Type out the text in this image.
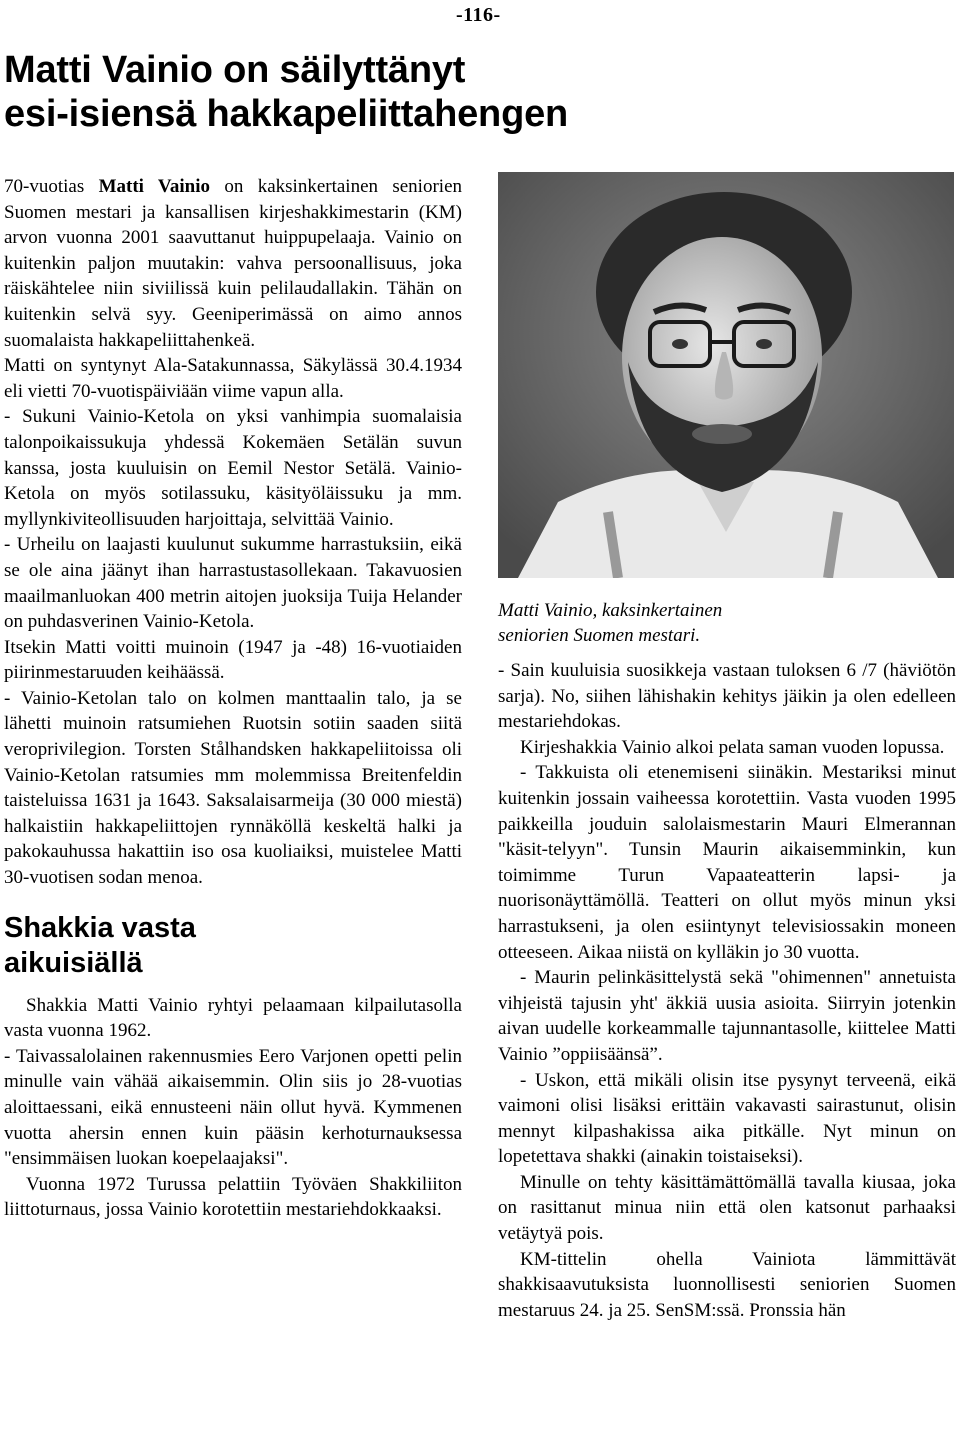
-116-
Matti Vainio on säilyttänyt
esi-isiensä hakkapeliittahengen

70-vuotias Matti Vainio on kaksinkertainen seniorien Suomen mestari ja kansallisen kirjeshakkimestarin (KM) arvon vuonna 2001 saavuttanut huippupelaaja. Vainio on kuitenkin paljon muutakin: vahva persoonallisuus, joka räiskähtelee niin siviilissä kuin pelilaudallakin. Tähän on kuitenkin selvä syy. Geeniperimässä on aimo annos suomalaista hakkapeliittahenkeä.

Matti on syntynyt Ala-Satakunnassa, Säkylässä 30.4.1934 eli vietti 70-vuotispäiviään viime vapun alla.

- Sukuni Vainio-Ketola on yksi vanhimpia suomalaisia talonpoikaissukuja yhdessä Kokemäen Setälän suvun kanssa, josta kuuluisin on Eemil Nestor Setälä. Vainio-Ketola on myös sotilassuku, käsityöläissuku ja mm. myllynkiviteollisuuden harjoittaja, selvittää Vainio.

- Urheilu on laajasti kuulunut sukumme harrastuksiin, eikä se ole aina jäänyt ihan harrastustasollekaan. Takavuosien maailmanluokan 400 metrin aitojen juoksija Tuija Helander on puhdasverinen Vainio-Ketola.

Itsekin Matti voitti muinoin (1947 ja -48) 16-vuotiaiden piirinmestaruuden keihäässä.

- Vainio-Ketolan talo on kolmen manttaalin talo, ja se lähetti muinoin ratsumiehen Ruotsin sotiin saaden siitä veroprivilegion. Torsten Stålhandsken hakkapeliitoissa oli Vainio-Ketolan ratsumies mm molemmissa Breitenfeldin taisteluissa 1631 ja 1643. Saksalaisarmeija (30 000 miestä) halkaistiin hakkapeliittojen rynnäköllä keskeltä halki ja pakokauhussa hakattiin iso osa kuoliaiksi, muistelee Matti 30-vuotisen sodan menoa.

Shakkia vasta
aikuisiällä

Shakkia Matti Vainio ryhtyi pelaamaan kilpailutasolla vasta vuonna 1962.

- Taivassalolainen rakennusmies Eero Varjonen opetti pelin minulle vain vähää aikaisemmin. Olin siis jo 28-vuotias aloittaessani, eikä ennusteeni näin ollut hyvä. Kymmenen vuotta ahersin ennen kuin pääsin kerhoturnauksessa "ensimmäisen luokan koepelaajaksi".

Vuonna 1972 Turussa pelattiin Työväen Shakkiliiton liittoturnaus, jossa Vainio korotettiin mestariehdokkaaksi.

Matti Vainio, kaksinkertainen
seniorien Suomen mestari.

- Sain kuuluisia suosikkeja vastaan tuloksen 6 /7 (häviötön sarja). No, siihen lähishakin kehitys jäikin ja olen edelleen mestariehdokas.

Kirjeshakkia Vainio alkoi pelata saman vuoden lopussa.

- Takkuista oli etenemiseni siinäkin. Mestariksi minut kuitenkin jossain vaiheessa korotettiin. Vasta vuoden 1995 paikkeilla jouduin salolaismestarin Mauri Elmerannan "käsit-telyyn". Tunsin Maurin aikaisemminkin, kun toimimme Turun Vapaateatterin lapsi- ja nuorisonäyttämöllä. Teatteri on ollut myös minun yksi harrastukseni, ja olen esiintynyt televisiossakin moneen otteeseen. Aikaa niistä on kylläkin jo 30 vuotta.

- Maurin pelinkäsittelystä sekä "ohimennen" annetuista vihjeistä tajusin yht' äkkiä uusia asioita. Siirryin jotenkin aivan uudelle korkeammalle tajunnantasolle, kiittelee Matti Vainio ”oppiisäänsä”.

- Uskon, että mikäli olisin itse pysynyt terveenä, eikä vaimoni olisi lisäksi erittäin vakavasti sairastunut, olisin mennyt kilpashakissa aika pitkälle. Nyt minun on lopetettava shakki (ainakin toistaiseksi).

Minulle on tehty käsittämättömällä tavalla kiusaa, joka on rasittanut minua niin että olen katsonut parhaaksi vetäytyä pois.

KM-tittelin ohella Vainiota lämmittävät shakkisaavutuksista luonnollisesti seniorien Suomen mestaruus 24. ja 25. SenSM:ssä. Pronssia hän
